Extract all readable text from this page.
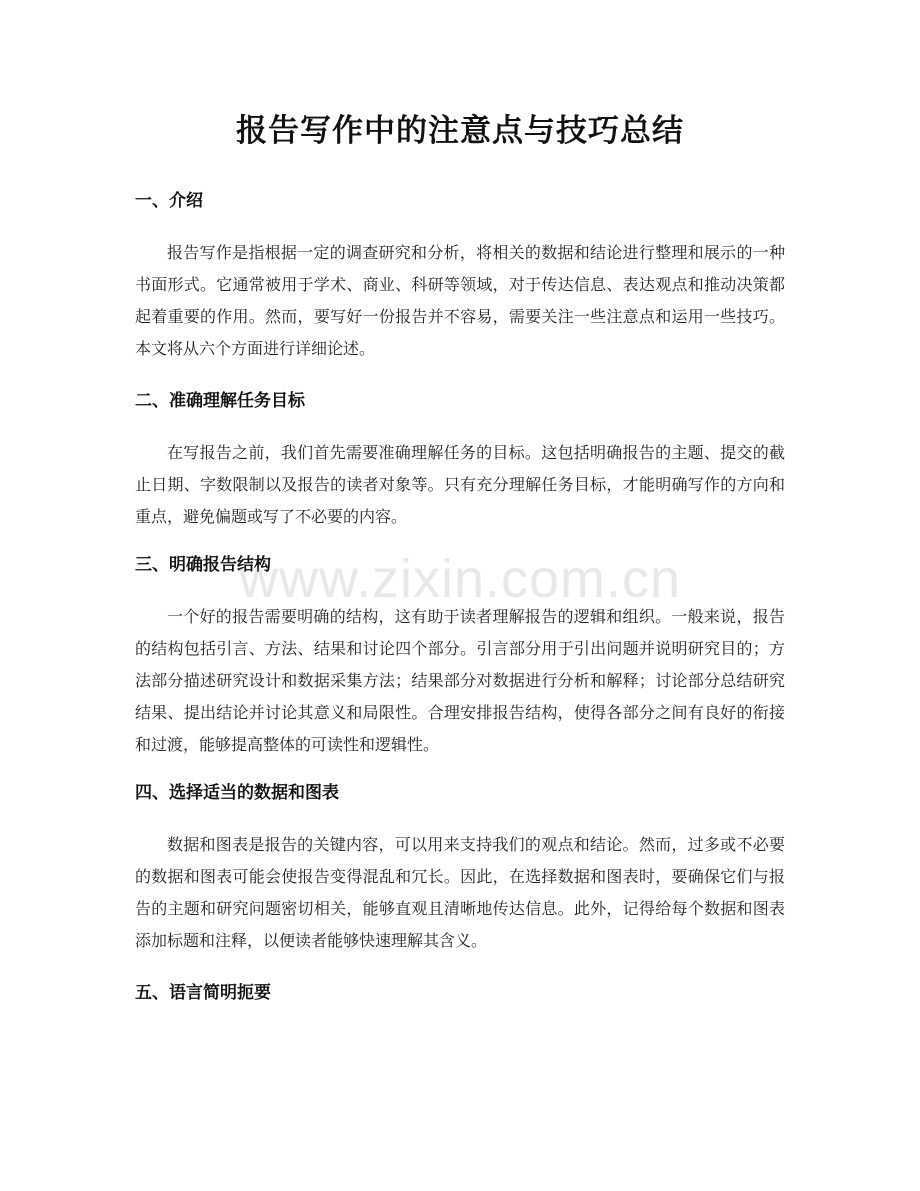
报告写作中的注意点与技巧总结
一、介绍

报告写作是指根据一定的调查研究和分析，将相关的数据和结论进行整理和展示的一种书面形式。它通常被用于学术、商业、科研等领域，对于传达信息、表达观点和推动决策都起着重要的作用。然而，要写好一份报告并不容易，需要关注一些注意点和运用一些技巧。本文将从六个方面进行详细论述。

二、准确理解任务目标

在写报告之前，我们首先需要准确理解任务的目标。这包括明确报告的主题、提交的截止日期、字数限制以及报告的读者对象等。只有充分理解任务目标，才能明确写作的方向和重点，避免偏题或写了不必要的内容。

三、明确报告结构

一个好的报告需要明确的结构，这有助于读者理解报告的逻辑和组织。一般来说，报告的结构包括引言、方法、结果和讨论四个部分。引言部分用于引出问题并说明研究目的；方法部分描述研究设计和数据采集方法；结果部分对数据进行分析和解释；讨论部分总结研究结果、提出结论并讨论其意义和局限性。合理安排报告结构，使得各部分之间有良好的衔接和过渡，能够提高整体的可读性和逻辑性。

四、选择适当的数据和图表

数据和图表是报告的关键内容，可以用来支持我们的观点和结论。然而，过多或不必要的数据和图表可能会使报告变得混乱和冗长。因此，在选择数据和图表时，要确保它们与报告的主题和研究问题密切相关，能够直观且清晰地传达信息。此外，记得给每个数据和图表添加标题和注释，以便读者能够快速理解其含义。

五、语言简明扼要
www.zixin.com.cn
